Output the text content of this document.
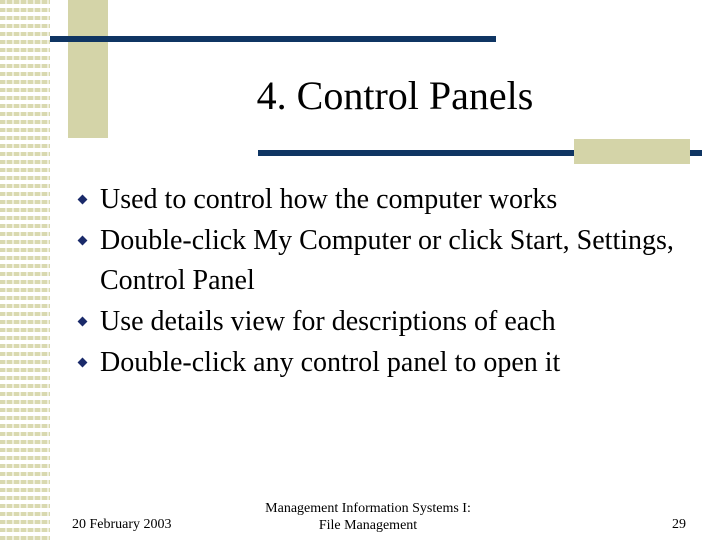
4. Control Panels
Used to control how the computer works
Double-click My Computer or click Start, Settings, Control Panel
Use details view for descriptions of each
Double-click any control panel to open it
20 February 2003
Management Information Systems I:
File Management	29
